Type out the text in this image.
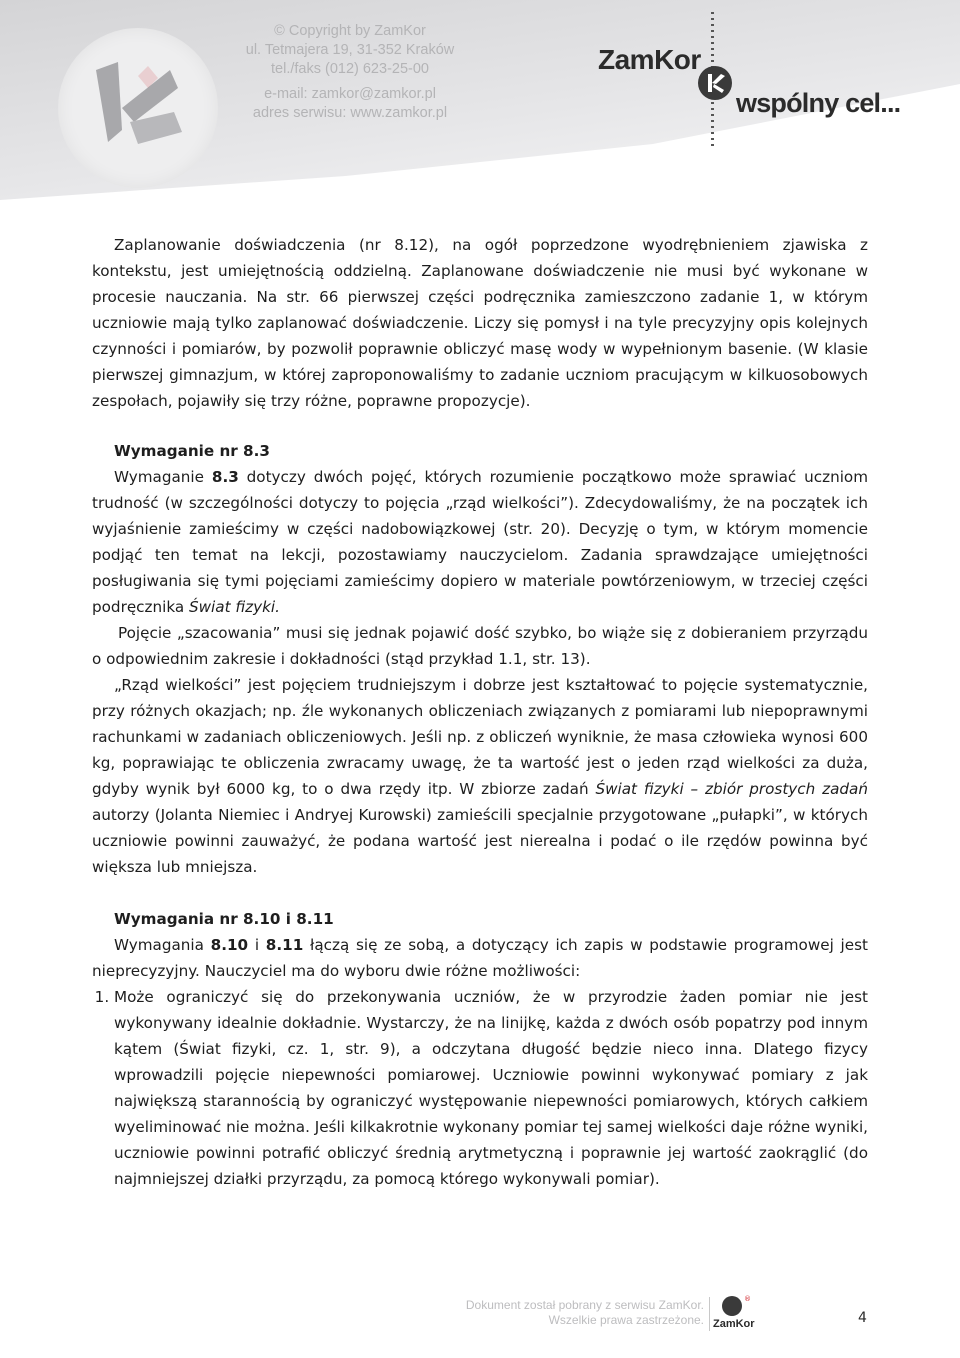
© Copyright by ZamKor
ul. Tetmajera 19, 31-352 Kraków
tel./faks (012) 623-25-00
e-mail: zamkor@zamkor.pl
adres serwisu: www.zamkor.pl
ZamKor
wspólny cel...

Zaplanowanie doświadczenia (nr 8.12), na ogół poprzedzone wyodrębnieniem zjawiska z kontekstu, jest umiejętnością oddzielną. Zaplanowane doświadczenie nie musi być wykonane w procesie nauczania. Na str. 66 pierwszej części podręcznika zamieszczono zadanie 1, w którym uczniowie mają tylko zaplanować doświadczenie. Liczy się pomysł i na tyle precyzyjny opis kolejnych czynności i pomiarów, by pozwolił poprawnie obliczyć masę wody w wypełnionym basenie. (W klasie pierwszej gimnazjum, w której zaproponowaliśmy to zadanie uczniom pracującym w kilkuosobowych zespołach, pojawiły się trzy różne, poprawne propozycje).

Wymaganie nr 8.3

Wymaganie 8.3 dotyczy dwóch pojęć, których rozumienie początkowo może sprawiać uczniom trudność (w szczególności dotyczy to pojęcia „rząd wielkości”). Zdecydowaliśmy, że na początek ich wyjaśnienie zamieścimy w części nadobowiązkowej (str. 20). Decyzję o tym, w którym momencie podjąć ten temat na lekcji, pozostawiamy nauczycielom. Zadania sprawdzające umiejętności posługiwania się tymi pojęciami zamieścimy dopiero w materiale powtórzeniowym, w trzeciej części podręcznika Świat fizyki.

Pojęcie „szacowania” musi się jednak pojawić dość szybko, bo wiąże się z dobieraniem przyrządu o odpowiednim zakresie i dokładności (stąd przykład 1.1, str. 13).

„Rząd wielkości” jest pojęciem trudniejszym i dobrze jest kształtować to pojęcie systematycznie, przy różnych okazjach; np. źle wykonanych obliczeniach związanych z pomiarami lub niepoprawnymi rachunkami w zadaniach obliczeniowych. Jeśli np. z obliczeń wyniknie, że masa człowieka wynosi 600 kg, poprawiając te obliczenia zwracamy uwagę, że ta wartość jest o jeden rząd wielkości za duża, gdyby wynik był 6000 kg, to o dwa rzędy itp. W zbiorze zadań Świat fizyki – zbiór prostych zadań autorzy (Jolanta Niemiec i Andryej Kurowski) zamieścili specjalnie przygotowane „pułapki”, w których uczniowie powinni zauważyć, że podana wartość jest nierealna i podać o ile rzędów powinna być większa lub mniejsza.

Wymagania nr 8.10 i 8.11

Wymagania 8.10 i 8.11 łączą się ze sobą, a dotyczący ich zapis w podstawie programowej jest nieprecyzyjny. Nauczyciel ma do wyboru dwie różne możliwości:

1. Może ograniczyć się do przekonywania uczniów, że w przyrodzie żaden pomiar nie jest wykonywany idealnie dokładnie. Wystarczy, że na linijkę, każda z dwóch osób popatrzy pod innym kątem (Świat fizyki, cz. 1, str. 9), a odczytana długość będzie nieco inna. Dlatego fizycy wprowadzili pojęcie niepewności pomiarowej. Uczniowie powinni wykonywać pomiary z jak największą starannością by ograniczyć występowanie niepewności pomiarowych, których całkiem wyeliminować nie można. Jeśli kilkakrotnie wykonany pomiar tej samej wielkości daje różne wyniki, uczniowie powinni potrafić obliczyć średnią arytmetyczną i poprawnie jej wartość zaokrąglić (do najmniejszej działki przyrządu, za pomocą którego wykonywali pomiar).
Dokument został pobrany z serwisu ZamKor.
Wszelkie prawa zastrzeżone.
®
ZamKor	4
